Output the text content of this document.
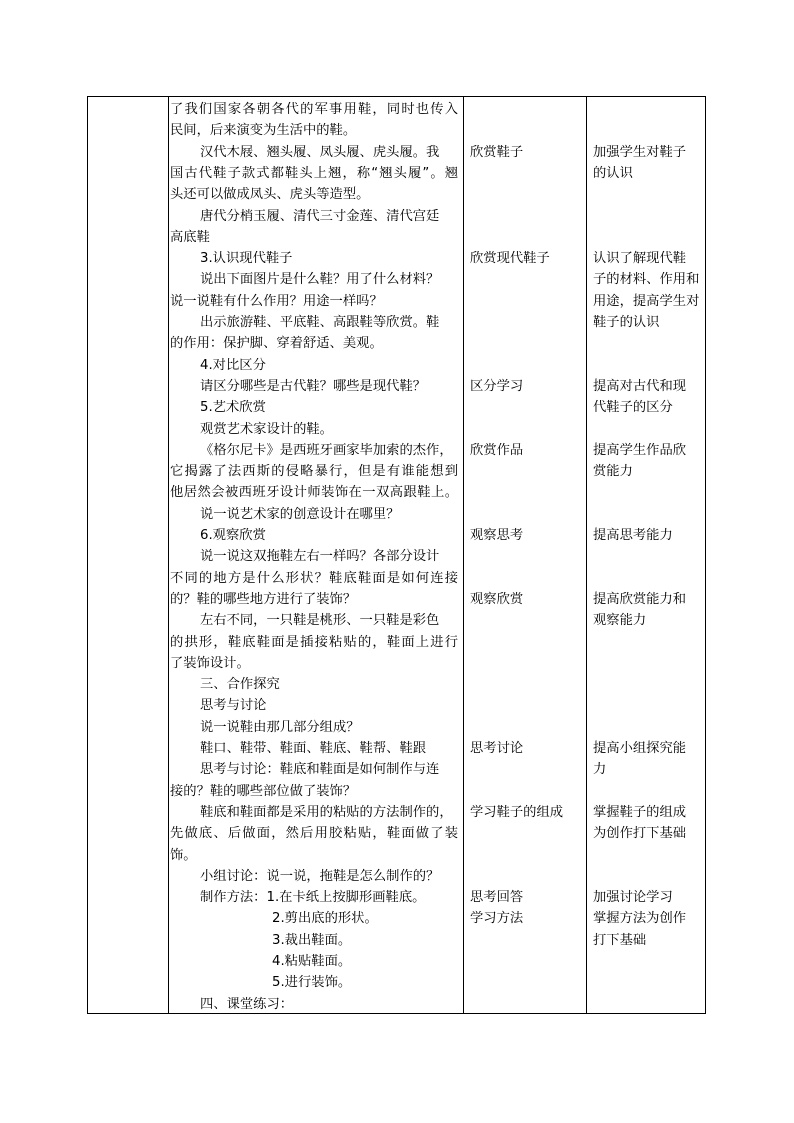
了我们国家各朝各代的军事用鞋，同时也传入
民间，后来演变为生活中的鞋。
汉代木屐、翘头履、凤头履、虎头履。我
国古代鞋子款式都鞋头上翘，称“翘头履”。翘
头还可以做成凤头、虎头等造型。
唐代分梢玉履、清代三寸金莲、清代宫廷
高底鞋
3.认识现代鞋子
说出下面图片是什么鞋？用了什么材料？
说一说鞋有什么作用？用途一样吗？
出示旅游鞋、平底鞋、高跟鞋等欣赏。鞋
的作用：保护脚、穿着舒适、美观。
4.对比区分
请区分哪些是古代鞋？哪些是现代鞋？
5.艺术欣赏
观赏艺术家设计的鞋。
《格尔尼卡》是西班牙画家毕加索的杰作，
它揭露了法西斯的侵略暴行，但是有谁能想到
他居然会被西班牙设计师装饰在一双高跟鞋上。
说一说艺术家的创意设计在哪里？
6.观察欣赏
说一说这双拖鞋左右一样吗？各部分设计
不同的地方是什么形状？鞋底鞋面是如何连接
的？鞋的哪些地方进行了装饰？
左右不同，一只鞋是桃形、一只鞋是彩色
的拱形，鞋底鞋面是插接粘贴的，鞋面上进行
了装饰设计。
三、合作探究
思考与讨论
说一说鞋由那几部分组成？
鞋口、鞋带、鞋面、鞋底、鞋帮、鞋跟
思考与讨论：鞋底和鞋面是如何制作与连
接的？鞋的哪些部位做了装饰？
鞋底和鞋面都是采用的粘贴的方法制作的，
先做底、后做面，然后用胶粘贴，鞋面做了装
饰。
小组讨论：说一说，拖鞋是怎么制作的？
制作方法：1.在卡纸上按脚形画鞋底。
2.剪出底的形状。
3.裁出鞋面。
4.粘贴鞋面。
5.进行装饰。
四、课堂练习：
欣赏鞋子
欣赏现代鞋子
区分学习
欣赏作品
观察思考
观察欣赏
思考讨论
学习鞋子的组成
思考回答
学习方法
加强学生对鞋子
的认识
认识了解现代鞋
子的材料、作用和
用途，提高学生对
鞋子的认识
提高对古代和现
代鞋子的区分
提高学生作品欣
赏能力
提高思考能力
提高欣赏能力和
观察能力
提高小组探究能
力
掌握鞋子的组成
为创作打下基础
加强讨论学习
掌握方法为创作
打下基础
